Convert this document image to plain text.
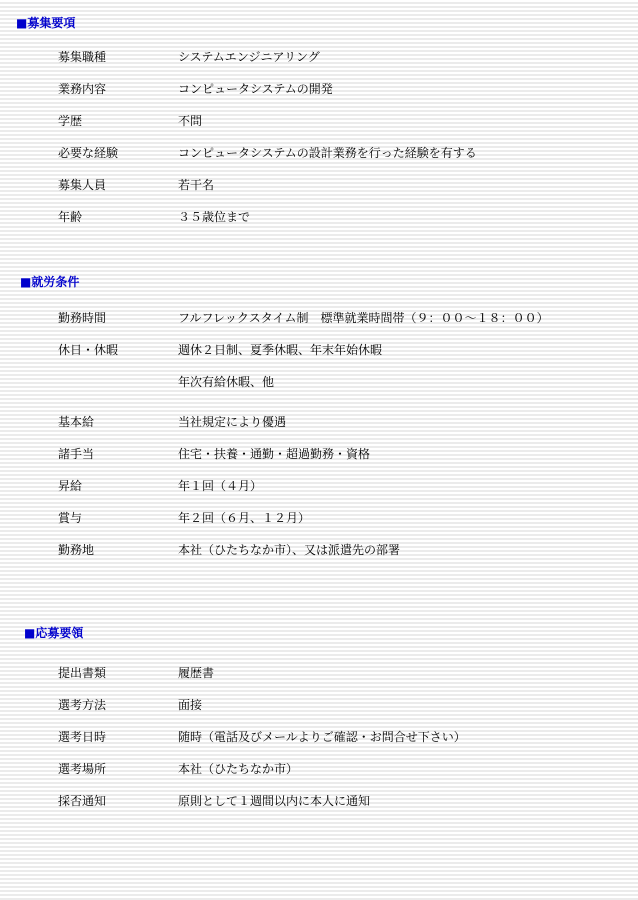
■募集要項
募集職種	システムエンジニアリング
業務内容	コンピュータシステムの開発
学歴	不問
必要な経験	コンピュータシステムの設計業務を行った経験を有する
募集人員	若干名
年齢	３５歳位まで
■就労条件
勤務時間	フルフレックスタイム制　標準就業時間帯（９：００〜１８：００）
休日・休暇	週休２日制、夏季休暇、年末年始休暇
年次有給休暇、他
基本給	当社規定により優遇
諸手当	住宅・扶養・通勤・超過勤務・資格
昇給	年１回（４月）
賞与	年２回（６月、１２月）
勤務地	本社（ひたちなか市）、又は派遣先の部署
■応募要領
提出書類	履歴書
選考方法	面接
選考日時	随時（電話及びメールよりご確認・お問合せ下さい）
選考場所	本社（ひたちなか市）
採否通知	原則として１週間以内に本人に通知
